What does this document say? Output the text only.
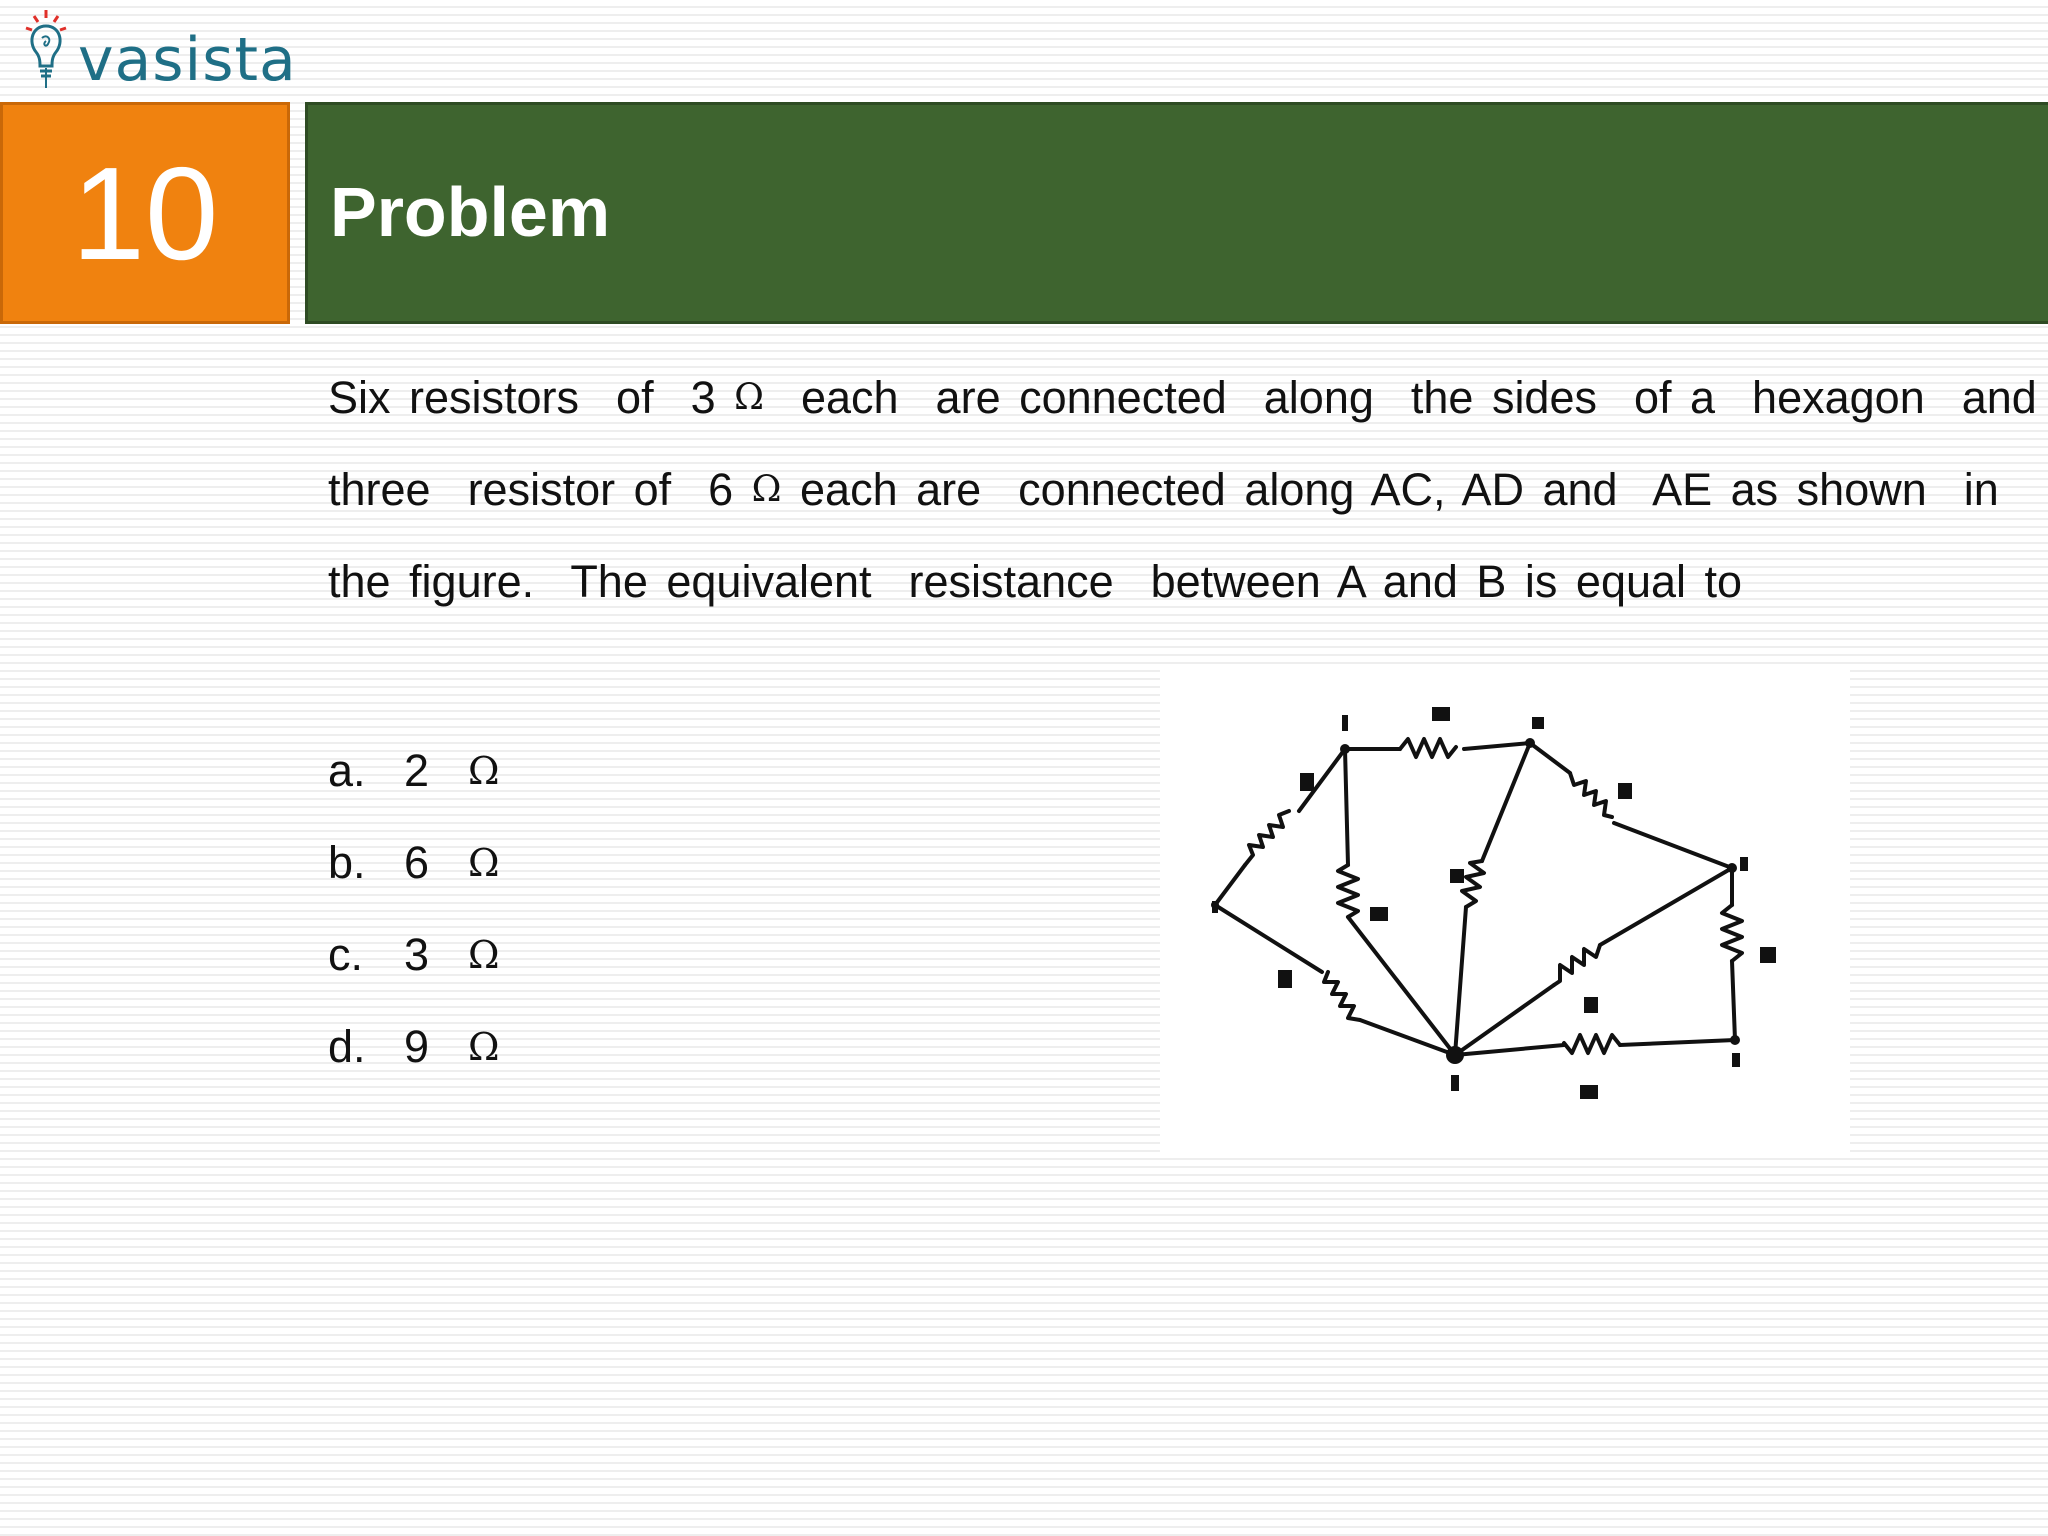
vasista
10 Problem

Six resistors  of  3 Ω  each  are connected  along  the sides  of a  hexagon  and

three  resistor of  6 Ω each are  connected along AC, AD and  AE as shown  in

the figure.  The equivalent  resistance  between A and B is equal to

a. 2	Ω
b. 6	Ω
c. 3	Ω
d. 9	Ω
